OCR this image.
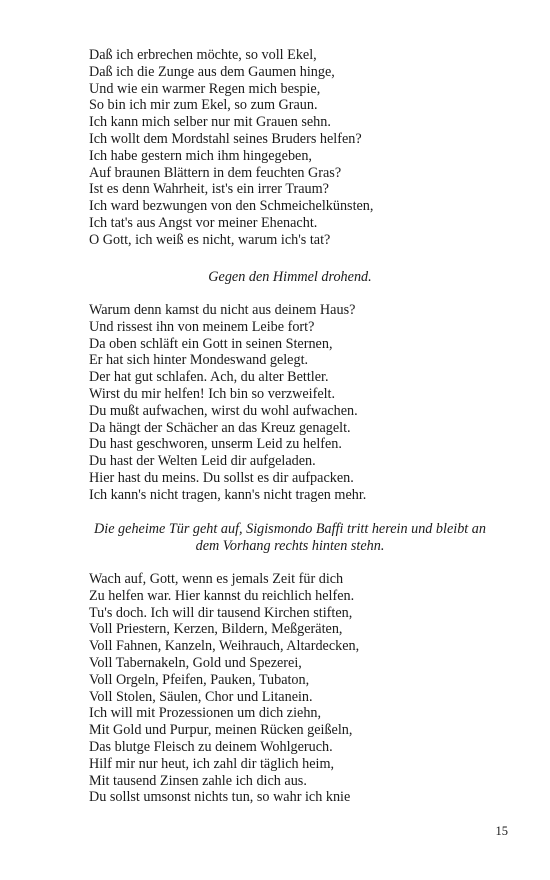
Daß ich erbrechen möchte, so voll Ekel,
Daß ich die Zunge aus dem Gaumen hinge,
Und wie ein warmer Regen mich bespie,
So bin ich mir zum Ekel, so zum Graun.
Ich kann mich selber nur mit Grauen sehn.
Ich wollt dem Mordstahl seines Bruders helfen?
Ich habe gestern mich ihm hingegeben,
Auf braunen Blättern in dem feuchten Gras?
Ist es denn Wahrheit, ist's ein irrer Traum?
Ich ward bezwungen von den Schmeichelkünsten,
Ich tat's aus Angst vor meiner Ehenacht.
O Gott, ich weiß es nicht, warum ich's tat?
Gegen den Himmel drohend.
Warum denn kamst du nicht aus deinem Haus?
Und rissest ihn von meinem Leibe fort?
Da oben schläft ein Gott in seinen Sternen,
Er hat sich hinter Mondeswand gelegt.
Der hat gut schlafen. Ach, du alter Bettler.
Wirst du mir helfen! Ich bin so verzweifelt.
Du mußt aufwachen, wirst du wohl aufwachen.
Da hängt der Schächer an das Kreuz genagelt.
Du hast geschworen, unserm Leid zu helfen.
Du hast der Welten Leid dir aufgeladen.
Hier hast du meins. Du sollst es dir aufpacken.
Ich kann's nicht tragen, kann's nicht tragen mehr.
Die geheime Tür geht auf, Sigismondo Baffi tritt herein und bleibt an
dem Vorhang rechts hinten stehn.
Wach auf, Gott, wenn es jemals Zeit für dich
Zu helfen war. Hier kannst du reichlich helfen.
Tu's doch. Ich will dir tausend Kirchen stiften,
Voll Priestern, Kerzen, Bildern, Meßgeräten,
Voll Fahnen, Kanzeln, Weihrauch, Altardecken,
Voll Tabernakeln, Gold und Spezerei,
Voll Orgeln, Pfeifen, Pauken, Tubaton,
Voll Stolen, Säulen, Chor und Litanein.
Ich will mit Prozessionen um dich ziehn,
Mit Gold und Purpur, meinen Rücken geißeln,
Das blutge Fleisch zu deinem Wohlgeruch.
Hilf mir nur heut, ich zahl dir täglich heim,
Mit tausend Zinsen zahle ich dich aus.
Du sollst umsonst nichts tun, so wahr ich knie
15
